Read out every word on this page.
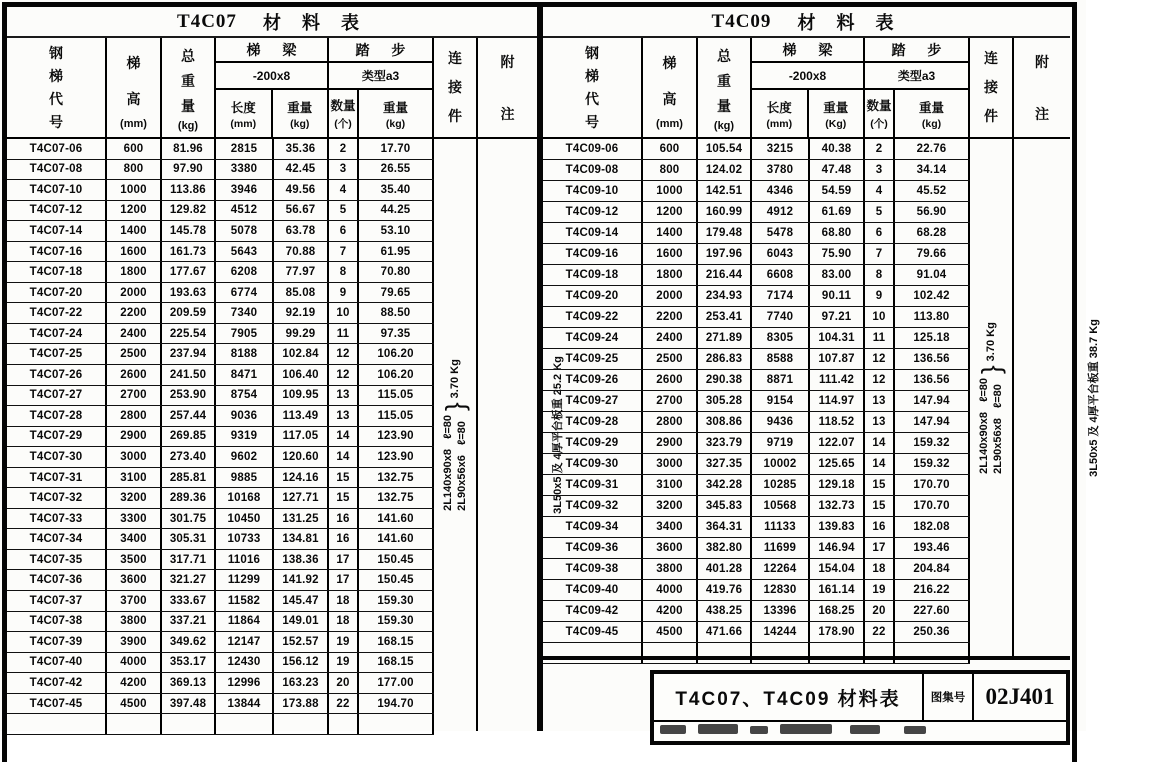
T4C07 材 料 表
钢梯代号
梯高
(mm)
总重量
(kg)
梯 梁
-200x8
长度
(mm)
重量
(kg)
踏 步
类型a3
数量
(个)
重量
(kg)
连接件
附注
T4C07-06	600	81.96	2815	35.36	2	17.70
T4C07-08	800	97.90	3380	42.45	3	26.55
T4C07-10	1000	113.86	3946	49.56	4	35.40
T4C07-12	1200	129.82	4512	56.67	5	44.25
T4C07-14	1400	145.78	5078	63.78	6	53.10
T4C07-16	1600	161.73	5643	70.88	7	61.95
T4C07-18	1800	177.67	6208	77.97	8	70.80
T4C07-20	2000	193.63	6774	85.08	9	79.65
T4C07-22	2200	209.59	7340	92.19	10	88.50
T4C07-24	2400	225.54	7905	99.29	11	97.35
T4C07-25	2500	237.94	8188	102.84	12	106.20
T4C07-26	2600	241.50	8471	106.40	12	106.20
T4C07-27	2700	253.90	8754	109.95	13	115.05
T4C07-28	2800	257.44	9036	113.49	13	115.05
T4C07-29	2900	269.85	9319	117.05	14	123.90
T4C07-30	3000	273.40	9602	120.60	14	123.90
T4C07-31	3100	285.81	9885	124.16	15	132.75
T4C07-32	3200	289.36	10168	127.71	15	132.75
T4C07-33	3300	301.75	10450	131.25	16	141.60
T4C07-34	3400	305.31	10733	134.81	16	141.60
T4C07-35	3500	317.71	11016	138.36	17	150.45
T4C07-36	3600	321.27	11299	141.92	17	150.45
T4C07-37	3700	333.67	11582	145.47	18	159.30
T4C07-38	3800	337.21	11864	149.01	18	159.30
T4C07-39	3900	349.62	12147	152.57	19	168.15
T4C07-40	4000	353.17	12430	156.12	19	168.15
T4C07-42	4200	369.13	12996	163.23	20	177.00
T4C07-45	4500	397.48	13844	173.88	22	194.70
2L140x90x8
ℓ=80
2L90x56x6
ℓ=80
}
3.70 Kg	3L50x5 及 4厚平台板重 25.2 Kg
T4C09 材 料 表
钢梯代号
梯高
(mm)
总重量
(kg)
梯 梁
-200x8
长度
(mm)
重量
(Kg)
踏 步
类型a3
数量
(个)
重量
(kg)
连接件
附注
T4C09-06	600	105.54	3215	40.38	2	22.76
T4C09-08	800	124.02	3780	47.48	3	34.14
T4C09-10	1000	142.51	4346	54.59	4	45.52
T4C09-12	1200	160.99	4912	61.69	5	56.90
T4C09-14	1400	179.48	5478	68.80	6	68.28
T4C09-16	1600	197.96	6043	75.90	7	79.66
T4C09-18	1800	216.44	6608	83.00	8	91.04
T4C09-20	2000	234.93	7174	90.11	9	102.42
T4C09-22	2200	253.41	7740	97.21	10	113.80
T4C09-24	2400	271.89	8305	104.31	11	125.18
T4C09-25	2500	286.83	8588	107.87	12	136.56
T4C09-26	2600	290.38	8871	111.42	12	136.56
T4C09-27	2700	305.28	9154	114.97	13	147.94
T4C09-28	2800	308.86	9436	118.52	13	147.94
T4C09-29	2900	323.79	9719	122.07	14	159.32
T4C09-30	3000	327.35	10002	125.65	14	159.32
T4C09-31	3100	342.28	10285	129.18	15	170.70
T4C09-32	3200	345.83	10568	132.73	15	170.70
T4C09-34	3400	364.31	11133	139.83	16	182.08
T4C09-36	3600	382.80	11699	146.94	17	193.46
T4C09-38	3800	401.28	12264	154.04	18	204.84
T4C09-40	4000	419.76	12830	161.14	19	216.22
T4C09-42	4200	438.25	13396	168.25	20	227.60
T4C09-45	4500	471.66	14244	178.90	22	250.36
2L140x90x8
ℓ=80
2L90x56x8
ℓ=80
}
3.70 Kg	3L50x5 及 4厚平台板重 38.7 Kg
T4C07、T4C09 材料表	图集号 02J401
